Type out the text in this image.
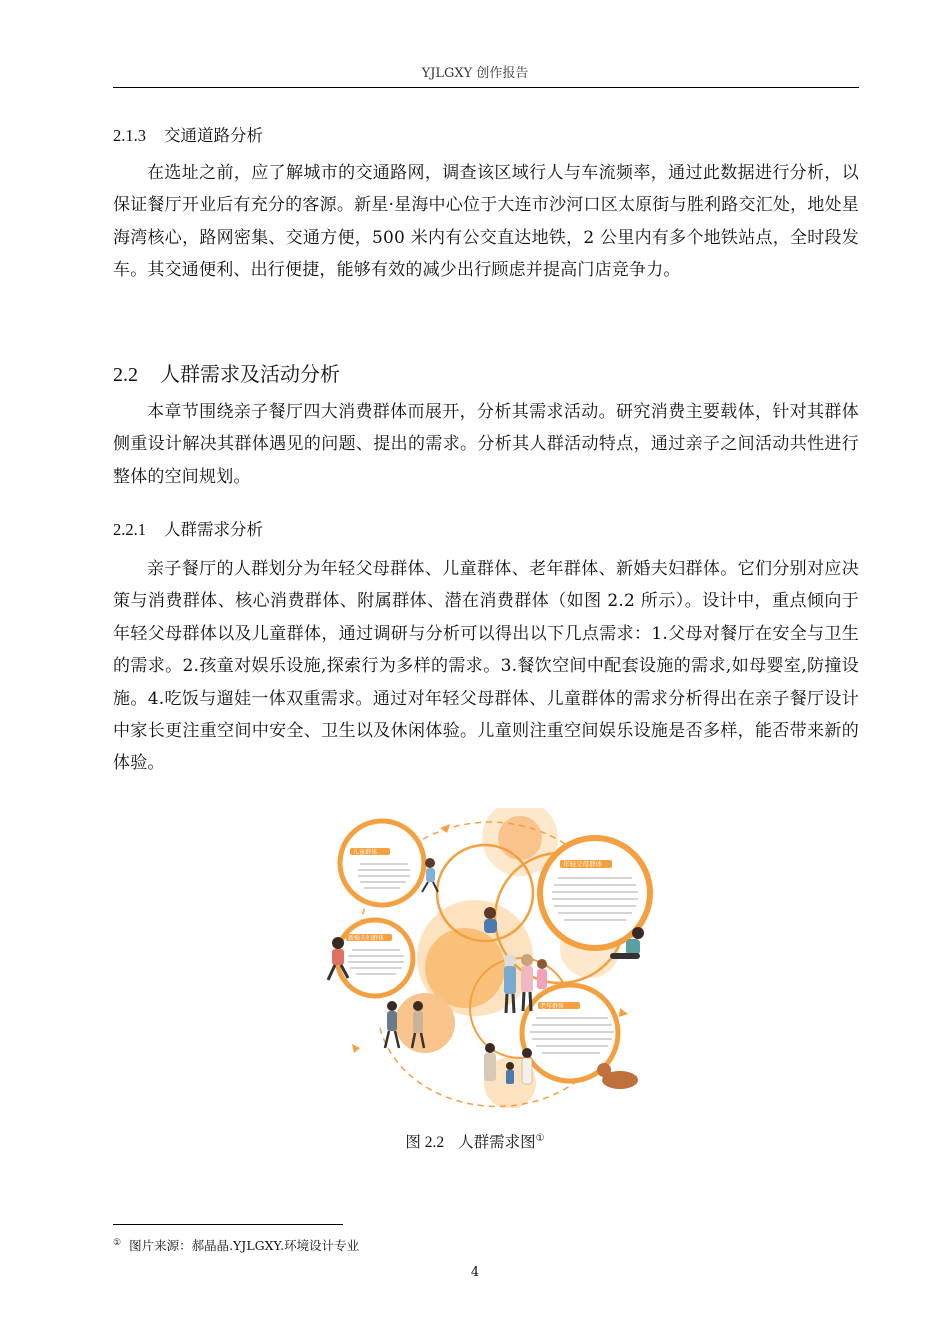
YJLGXY 创作报告
2.1.3 交通道路分析
在选址之前，应了解城市的交通路网，调查该区域行人与车流频率，通过此数据进行分析，以保证餐厅开业后有充分的客源。新星·星海中心位于大连市沙河口区太原街与胜利路交汇处，地处星海湾核心，路网密集、交通方便，500 米内有公交直达地铁，2 公里内有多个地铁站点，全时段发车。其交通便利、出行便捷，能够有效的减少出行顾虑并提高门店竞争力。
2.2 人群需求及活动分析
本章节围绕亲子餐厅四大消费群体而展开，分析其需求活动。研究消费主要载体，针对其群体侧重设计解决其群体遇见的问题、提出的需求。分析其人群活动特点，通过亲子之间活动共性进行整体的空间规划。
2.2.1 人群需求分析
亲子餐厅的人群划分为年轻父母群体、儿童群体、老年群体、新婚夫妇群体。它们分别对应决策与消费群体、核心消费群体、附属群体、潜在消费群体（如图 2.2 所示）。设计中，重点倾向于年轻父母群体以及儿童群体，通过调研与分析可以得出以下几点需求：1.父母对餐厅在安全与卫生的需求。2.孩童对娱乐设施,探索行为多样的需求。3.餐饮空间中配套设施的需求,如母婴室,防撞设施。4.吃饭与遛娃一体双重需求。通过对年轻父母群体、儿童群体的需求分析得出在亲子餐厅设计中家长更注重空间中安全、卫生以及休闲体验。儿童则注重空间娱乐设施是否多样，能否带来新的体验。
儿童群体
年轻父母群体
新婚夫妇群体
老年群体
图 2.2 人群需求图①
① 图片来源：郝晶晶.YJLGXY.环境设计专业
4
